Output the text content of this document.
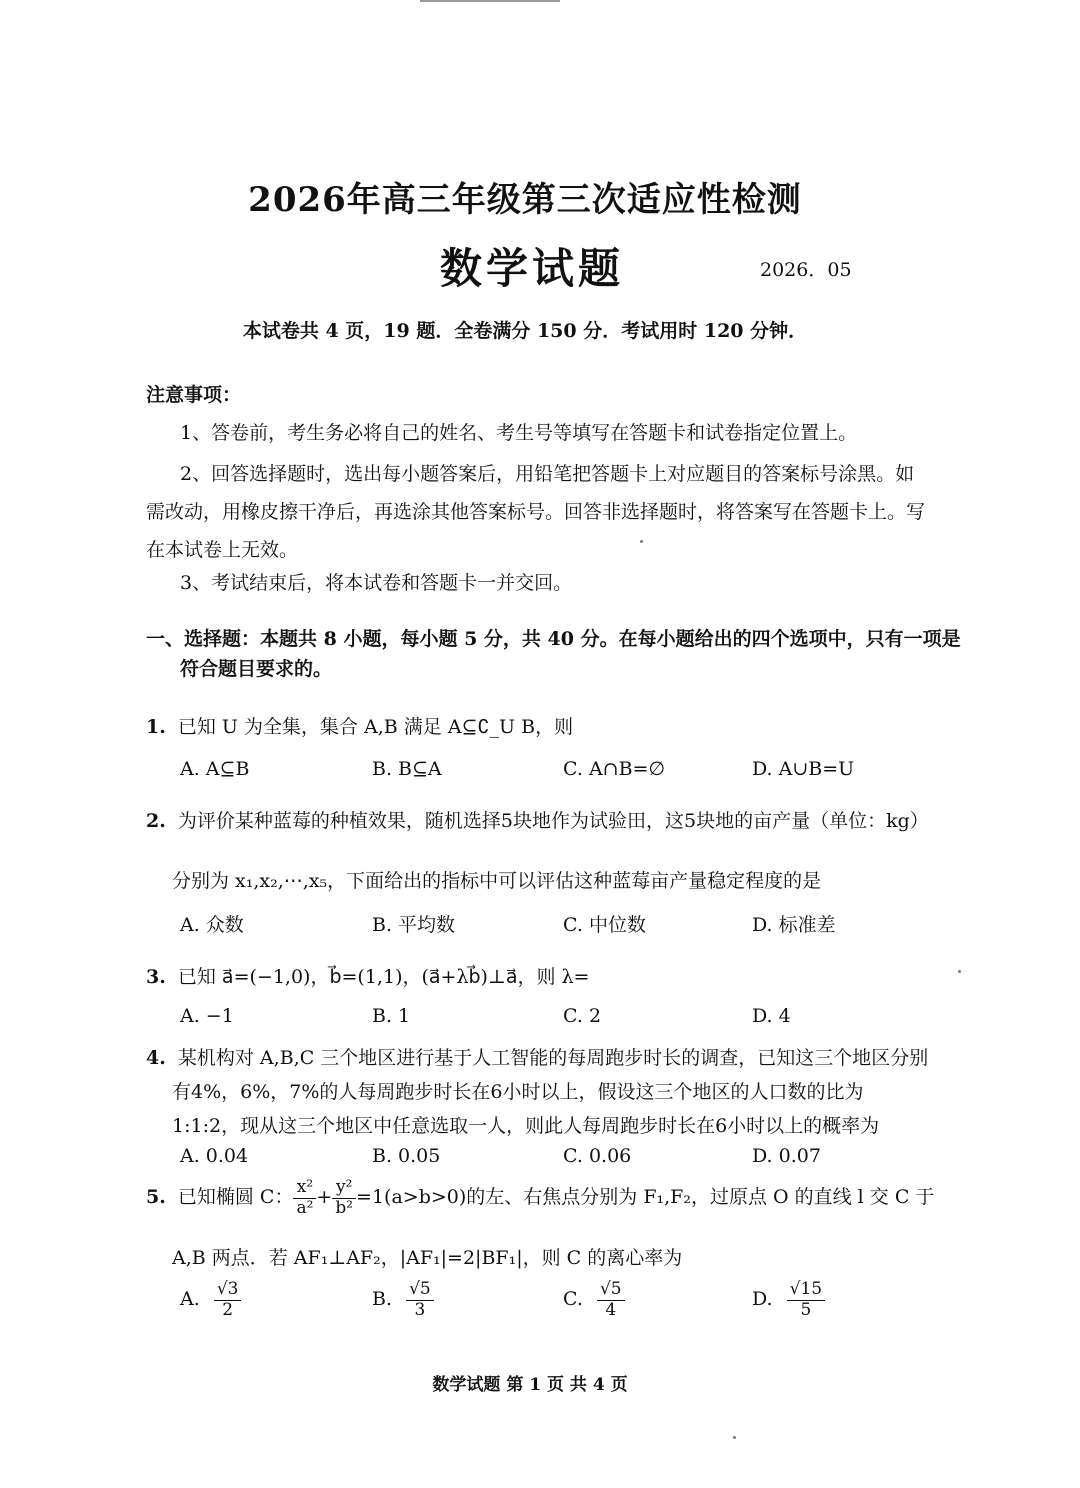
2026年高三年级第三次适应性检测
数学试题	2026．05
本试卷共 4 页，19 题．全卷满分 150 分．考试用时 120 分钟．
注意事项：
1、答卷前，考生务必将自己的姓名、考生号等填写在答题卡和试卷指定位置上。
2、回答选择题时，选出每小题答案后，用铅笔把答题卡上对应题目的答案标号涂黑。如需改动，用橡皮擦干净后，再选涂其他答案标号。回答非选择题时，将答案写在答题卡上。写在本试卷上无效。
3、考试结束后，将本试卷和答题卡一并交回。
一、选择题：本题共 8 小题，每小题 5 分，共 40 分。在每小题给出的四个选项中，只有一项是符合题目要求的。
1. 已知 U 为全集，集合 A,B 满足 A⊆∁_U B，则
A. A⊆B	B. B⊆A	C. A∩B=∅	D. A∪B=U
2. 为评价某种蓝莓的种植效果，随机选择5块地作为试验田，这5块地的亩产量（单位：kg）
分别为 x₁,x₂,⋯,x₅，下面给出的指标中可以评估这种蓝莓亩产量稳定程度的是
A. 众数	B. 平均数	C. 中位数	D. 标准差
3. 已知 a⃗=(−1,0)，b⃗=(1,1)，(a⃗+λb⃗)⊥a⃗，则 λ=
A. −1	B. 1	C. 2	D. 4
4. 某机构对 A,B,C 三个地区进行基于人工智能的每周跑步时长的调查，已知这三个地区分别
有4%，6%，7%的人每周跑步时长在6小时以上，假设这三个地区的人口数的比为
1:1:2，现从这三个地区中任意选取一人，则此人每周跑步时长在6小时以上的概率为
A. 0.04	B. 0.05	C. 0.06	D. 0.07
5. 已知椭圆 C： $\frac{\text{x²}}{\text{a²}} + \frac{\text{y²}}{\text{b²}} =1(a>b>0)$的左、右焦点分别为 F₁,F₂，过原点 O 的直线 l 交 C 于
A,B 两点．若 AF₁⊥AF₂，|AF₁|=2|BF₁|，则 C 的离心率为
A. $\frac{√3}{2}$	B. $\frac{√5}{3}$	C. $\frac{√5}{4}$	D. $\frac{√15}{5}$
数学试题 第 1 页 共 4 页
